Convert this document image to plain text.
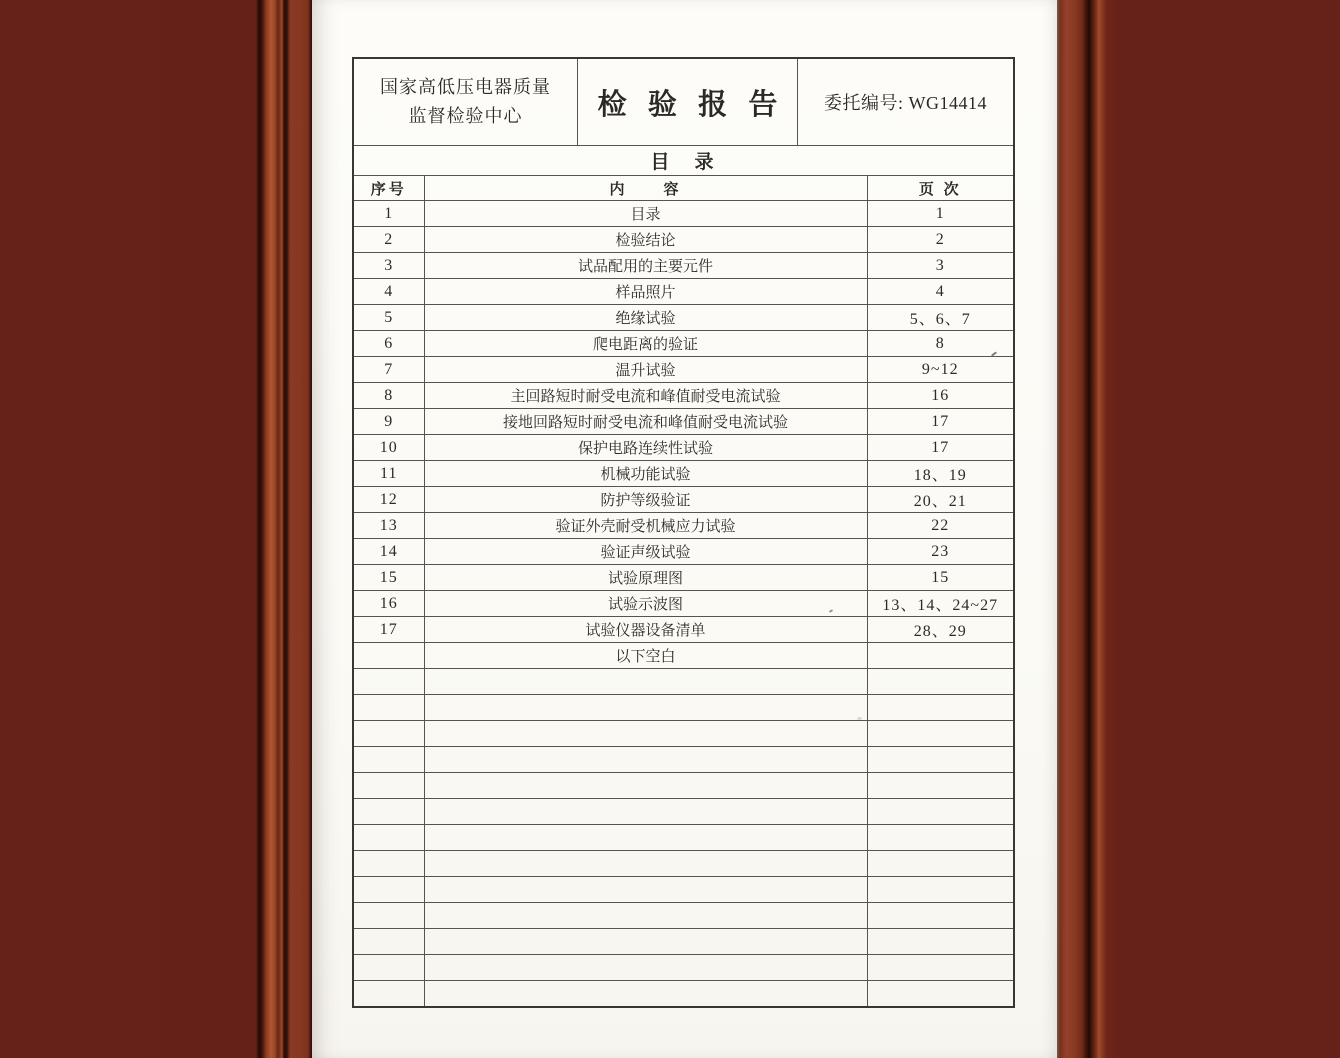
国家高低压电器质量
监督检验中心	检 验 报 告	委托编号: WG14414
目　录
序号	内　　容	页 次
1	目录	1
2	检验结论	2
3	试品配用的主要元件	3
4	样品照片	4
5	绝缘试验	5、6、7
6	爬电距离的验证	8
7	温升试验	9~12
8	主回路短时耐受电流和峰值耐受电流试验	16
9	接地回路短时耐受电流和峰值耐受电流试验	17
10	保护电路连续性试验	17
11	机械功能试验	18、19
12	防护等级验证	20、21
13	验证外壳耐受机械应力试验	22
14	验证声级试验	23
15	试验原理图	15
16	试验示波图	13、14、24~27
17	试验仪器设备清单	28、29
	以下空白	
